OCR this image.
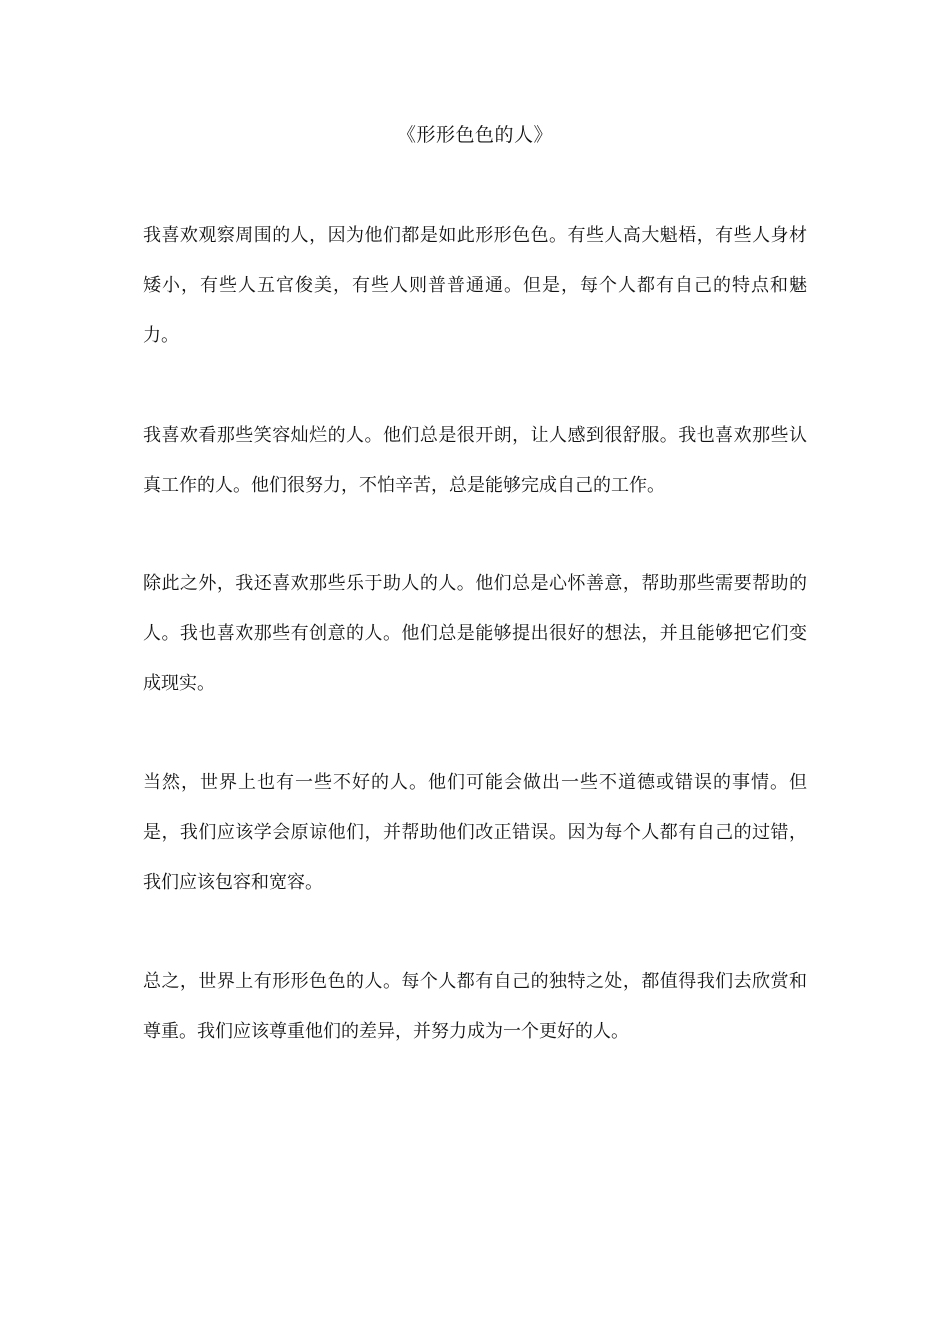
《形形色色的人》

我喜欢观察周围的人，因为他们都是如此形形色色。有些人高大魁梧，有些人身材矮小，有些人五官俊美，有些人则普普通通。但是，每个人都有自己的特点和魅力。

我喜欢看那些笑容灿烂的人。他们总是很开朗，让人感到很舒服。我也喜欢那些认真工作的人。他们很努力，不怕辛苦，总是能够完成自己的工作。

除此之外，我还喜欢那些乐于助人的人。他们总是心怀善意，帮助那些需要帮助的人。我也喜欢那些有创意的人。他们总是能够提出很好的想法，并且能够把它们变成现实。

当然，世界上也有一些不好的人。他们可能会做出一些不道德或错误的事情。但是，我们应该学会原谅他们，并帮助他们改正错误。因为每个人都有自己的过错，我们应该包容和宽容。

总之，世界上有形形色色的人。每个人都有自己的独特之处，都值得我们去欣赏和尊重。我们应该尊重他们的差异，并努力成为一个更好的人。
